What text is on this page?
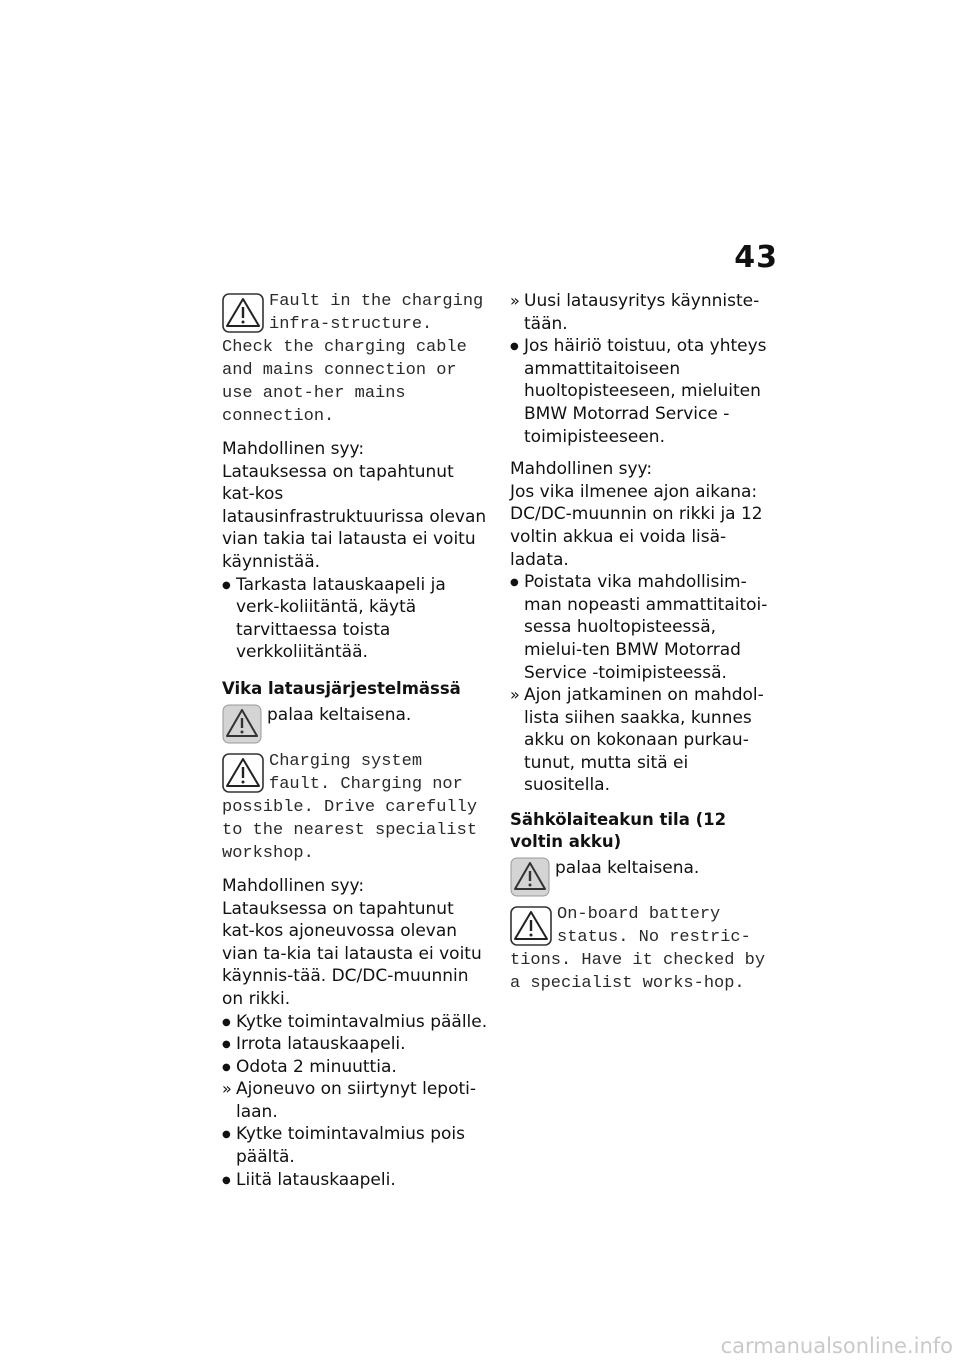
43
Fault in the charging infra-structure. Check the charging cable and mains connection or use anot-her mains connection.
Mahdollinen syy:
Latauksessa on tapahtunut kat-kos latausinfrastruktuurissa olevan vian takia tai latausta ei voitu käynnistää.
●
Tarkasta latauskaapeli ja verk-koliitäntä, käytä tarvittaessa toista verkkoliitäntää.
Vika latausjärjestelmässä
palaa keltaisena.
Charging system fault. Charging nor possible. Drive carefully to the nearest specialist workshop.
Mahdollinen syy:
Latauksessa on tapahtunut kat-kos ajoneuvossa olevan vian ta-kia tai latausta ei voitu käynnis-tää. DC/DC-muunnin on rikki.
●
Kytke toimintavalmius päälle.
●
Irrota latauskaapeli.
●
Odota 2 minuuttia.
»
Ajoneuvo on siirtynyt lepoti-laan.
●
Kytke toimintavalmius pois päältä.
●
Liitä latauskaapeli.
»
Uusi latausyritys käynniste-tään.
●
Jos häiriö toistuu, ota yhteys ammattitaitoiseen huoltopisteeseen, mieluiten BMW Motorrad Service -toimipisteeseen.
Mahdollinen syy:
Jos vika ilmenee ajon aikana: DC/DC-muunnin on rikki ja 12 voltin akkua ei voida lisä-ladata.
●
Poistata vika mahdollisim-man nopeasti ammattitaitoi-sessa huoltopisteessä, mielui-ten BMW Motorrad Service -toimipisteessä.
»
Ajon jatkaminen on mahdol-lista siihen saakka, kunnes akku on kokonaan purkau-tunut, mutta sitä ei suositella.
Sähkölaiteakun tila (12 voltin akku)
palaa keltaisena.
On-board battery status. No restric-tions. Have it checked by a specialist works-hop.
carmanualsonline.info
